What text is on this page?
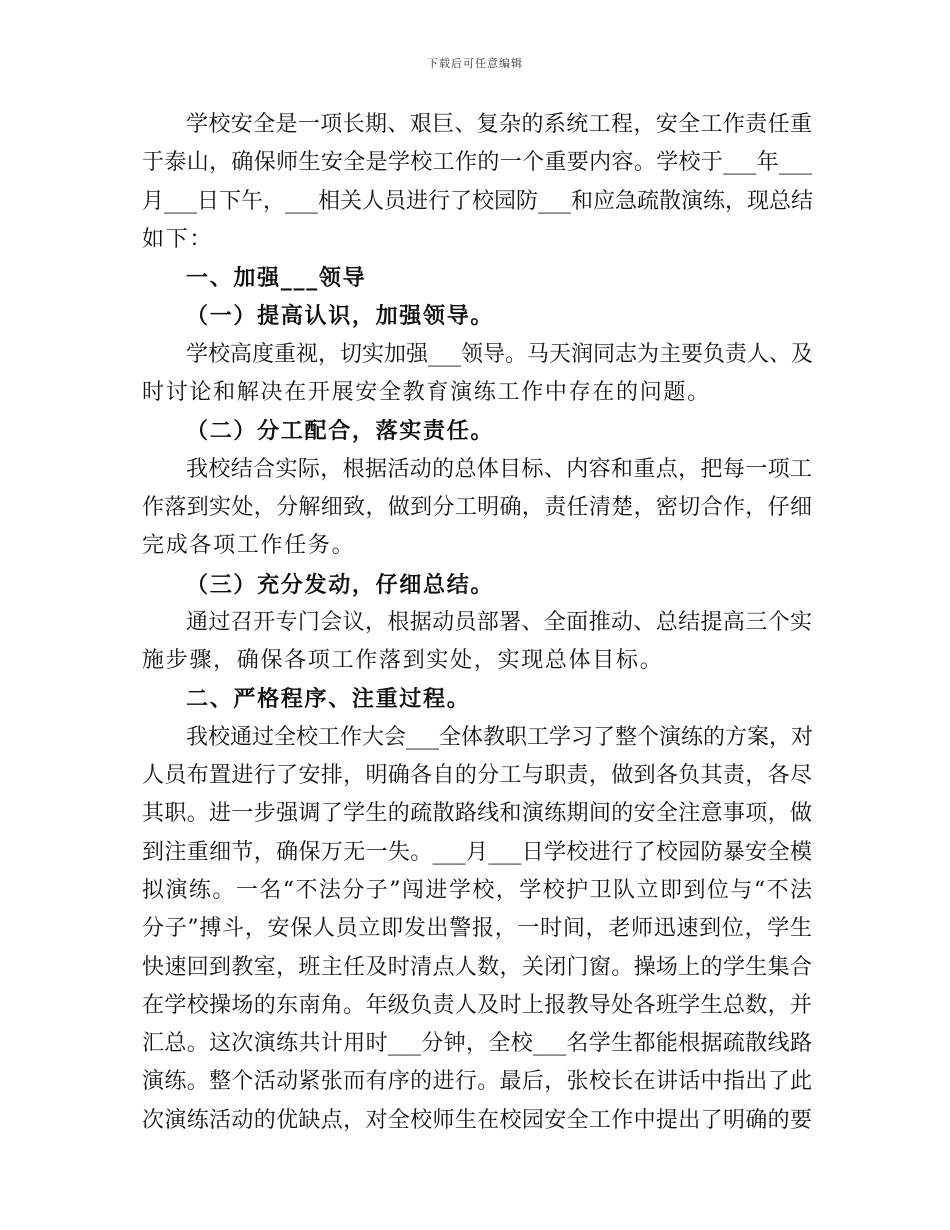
下载后可任意编辑
学校安全是一项长期、艰巨、复杂的系统工程，安全工作责任重
于泰山，确保师生安全是学校工作的一个重要内容。学校于___年___
月___日下午，___相关人员进行了校园防___和应急疏散演练，现总结
如下：
一、加强___领导
（一）提高认识，加强领导。
学校高度重视，切实加强___领导。马天润同志为主要负责人、及
时讨论和解决在开展安全教育演练工作中存在的问题。
（二）分工配合，落实责任。
我校结合实际，根据活动的总体目标、内容和重点，把每一项工
作落到实处，分解细致，做到分工明确，责任清楚，密切合作，仔细
完成各项工作任务。
（三）充分发动，仔细总结。
通过召开专门会议，根据动员部署、全面推动、总结提高三个实
施步骤，确保各项工作落到实处，实现总体目标。
二、严格程序、注重过程。
我校通过全校工作大会___全体教职工学习了整个演练的方案，对
人员布置进行了安排，明确各自的分工与职责，做到各负其责，各尽
其职。进一步强调了学生的疏散路线和演练期间的安全注意事项，做
到注重细节，确保万无一失。___月___日学校进行了校园防暴安全模
拟演练。一名“不法分子”闯进学校，学校护卫队立即到位与“不法
分子”搏斗，安保人员立即发出警报，一时间，老师迅速到位，学生
快速回到教室，班主任及时清点人数，关闭门窗。操场上的学生集合
在学校操场的东南角。年级负责人及时上报教导处各班学生总数，并
汇总。这次演练共计用时___分钟，全校___名学生都能根据疏散线路
演练。整个活动紧张而有序的进行。最后，张校长在讲话中指出了此
次演练活动的优缺点，对全校师生在校园安全工作中提出了明确的要
